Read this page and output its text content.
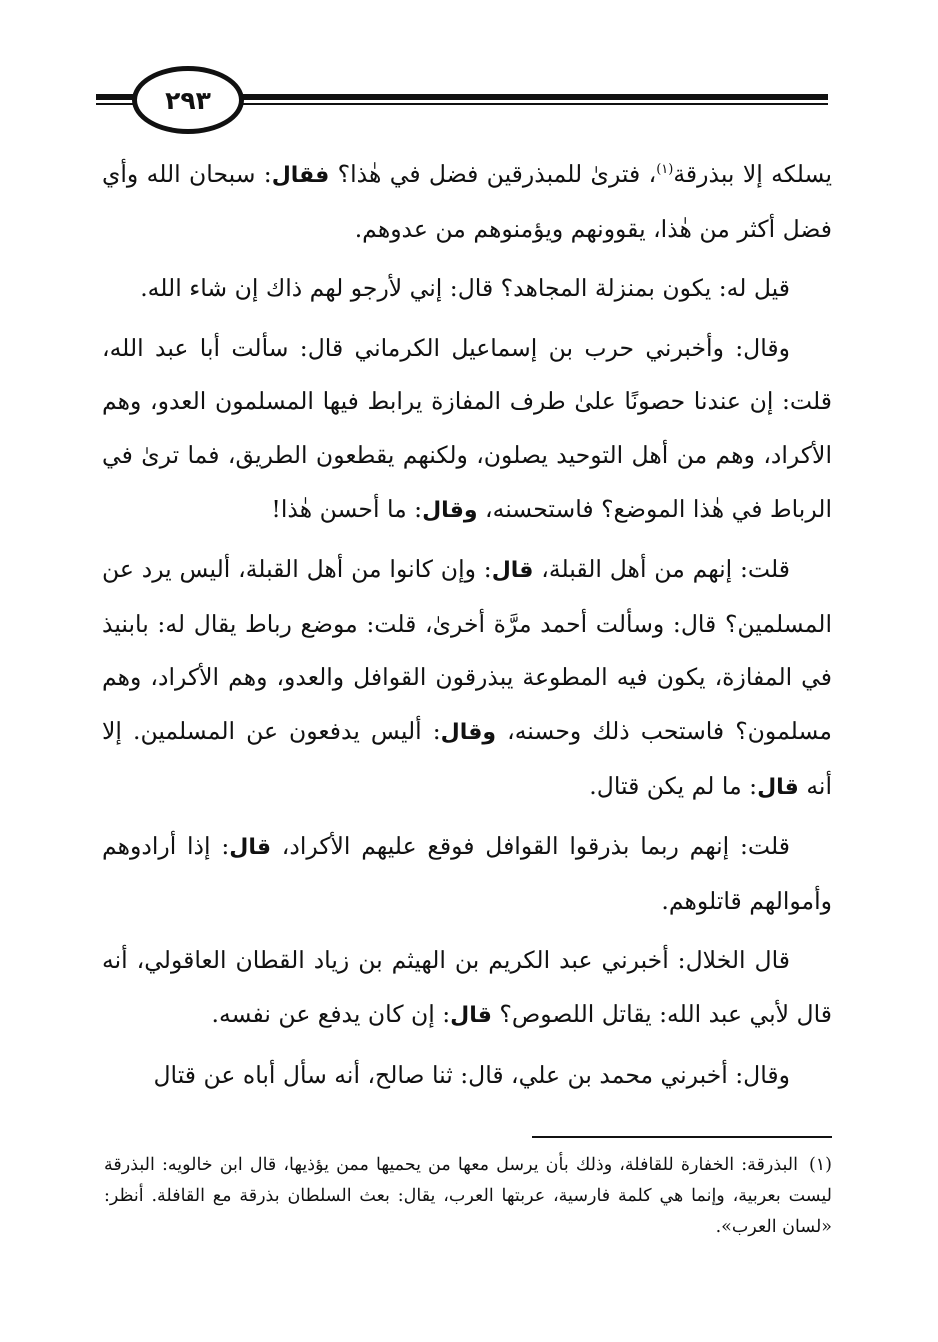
٢٩٣

يسلكه إلا ببذرقة$^{(١)}$، فترىٰ للمبذرقين فضل في هٰذا؟ فقال: سبحان الله وأي فضل أكثر من هٰذا، يقوونهم ويؤمنوهم من عدوهم.

قيل له: يكون بمنزلة المجاهد؟ قال: إني لأرجو لهم ذاك إن شاء الله.

وقال: وأخبرني حرب بن إسماعيل الكرماني قال: سألت أبا عبد الله، قلت: إن عندنا حصونًا علىٰ طرف المفازة يرابط فيها المسلمون العدو، وهم الأكراد، وهم من أهل التوحيد يصلون، ولكنهم يقطعون الطريق، فما ترىٰ في الرباط في هٰذا الموضع؟ فاستحسنه، وقال: ما أحسن هٰذا!

قلت: إنهم من أهل القبلة، قال: وإن كانوا من أهل القبلة، أليس يرد عن المسلمين؟ قال: وسألت أحمد مرَّة أخرىٰ، قلت: موضع رباط يقال له: بابنيذ في المفازة، يكون فيه المطوعة يبذرقون القوافل والعدو، وهم الأكراد، وهم مسلمون؟ فاستحب ذلك وحسنه، وقال: أليس يدفعون عن المسلمين. إلا أنه قال: ما لم يكن قتال.

قلت: إنهم ربما بذرقوا القوافل فوقع عليهم الأكراد، قال: إذا أرادوهم وأموالهم قاتلوهم.

قال الخلال: أخبرني عبد الكريم بن الهيثم بن زياد القطان العاقولي، أنه قال لأبي عبد الله: يقاتل اللصوص؟ قال: إن كان يدفع عن نفسه.

وقال: أخبرني محمد بن علي، قال: ثنا صالح، أنه سأل أباه عن قتال

(١)البذرقة: الخفارة للقافلة، وذلك بأن يرسل معها من يحميها ممن يؤذيها، قال ابن خالويه: البذرقة ليست بعربية، وإنما هي كلمة فارسية، عربتها العرب، يقال: بعث السلطان بذرقة مع القافلة. أنظر: «لسان العرب».
